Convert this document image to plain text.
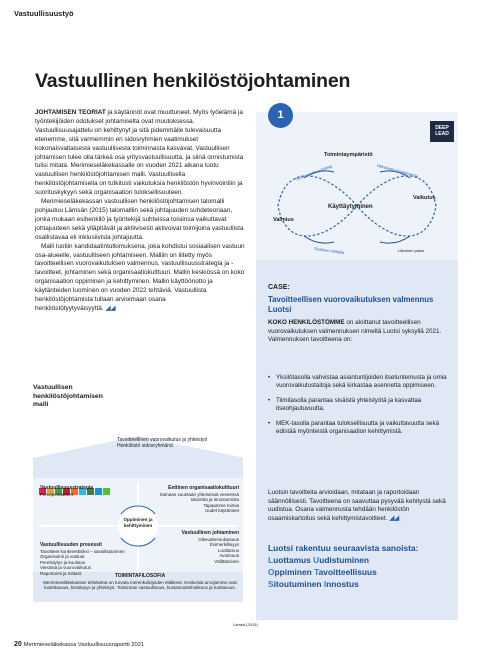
Vastuullisuustyö
Vastuullinen henkilöstöjohtaminen

JOHTAMISEN TEORIAT ja käytännöt ovat muuttuneet. Myös työelämä ja työntekijöiden odotukset johtamiselta ovat muutoksessa. Vastuullisuusajattelu on kehittynyt ja sitä pidemmälle tulevaisuutta etenemme, sitä varmemmin eri sidosryhmien vaatimukset kokonaisvaltaisesta vastuullisesta toiminnasta kasvavat. Vastuullisen johtamisen tulee olla tärkeä osa yritysvastuullisuutta, ja siinä onnistumista tulisi mitata. Merimieseläkekassalle on vuoden 2021 aikana luotu vastuullisen henkilöstöjohtamisen malli. Vastuullisella henkilöstöjohtamisella on tutkitusti vaikutuksia henkilöstön hyvinvointiin ja suorituskykyyn sekä organisaation tuloksellisuuteen.

Merimieseläkekassan vastuullisen henkilöstöjohtamisen talomalli pohjautuu Lämsän (2015) talomalliin sekä johtajuuden suhdeteoriaan, jonka mukaan esihenkilö ja työntekijä suhteissa toisiinsa vaikuttavat johtajuuteen sekä ylläpitävät ja aktiivisesti aktivoivat toimijoina vastuullista osallistavaa eli inklusiivista johtajuutta.

Malli luotiin kandidaatintutkimuksena, joka kohdistui sosiaalisen vastuun osa-alueelle, vastuulliseen johtamiseen. Malliin on liitetty myös tavoitteellisen vuorovaikutuksen valmennus, vastuullisuusstrategia ja -tavoitteet, johtaminen sekä organisaatiokulttuuri. Mallin keskiössä on koko organisaation oppiminen ja kehittyminen. Mallin käyttöönotto ja käytänteiden luominen on vuoden 2022 tehtäviä. Vastuullista henkilöstöjohtamista tullaan arvioimaan osana henkilöstötyytyväisyyttä. ◢◢

Vastuullisen henkilöstöjohtamisen malli
Tavoitteellinen vuorovaikutus ja yhteistyö
Henkilöstö sidosryhmänä
Vastuullisuusstrategia
Perusperiaatteet
Eettinen organisaatiokulttuuri
Samaan suuntaan yhteisessä veneessä
Ideointia ja innostumista
Tapaamme toimia
Uudet käytänteet
Oppiminen ja kehittyminen
Vastuullisuuden prosessit
Tavoitteet konkreettisiksi – sanallistaminen
Organisointi ja vastuut
Perehdytys ja koulutus
Viestintä ja vuorovaikutus
Raportointi ja mittarit
Vastuullinen johtaminen
Oikeudenmukaisuus
Esimerkillisyys
Luottamus
Avoimuus
Välittäminen
TOIMINTAFILOSOFIA
Merimieseläkekassan tehtävänä on turvata merenkulkijoiden eläkkeet. Keskeisiä arvojamme ovat luotettavuus, kestävyys ja yhteistyö. Toiminnan vastuullisuus, kustannustehokkuus ja tuottavuus.
Lämsä (2015)
DEEP LEAD
Toimintaympäristö
Käyttäytyminen
Valmius
Vaikutus
Hyvinvoinnin pohdinta	Vaikutusta muutoksessa
Sisäinen tahtotila	Ulkoinen paine
1
CASE:
Tavoitteellisen vuorovaikutuksen valmennus Luotsi
KOKO HENKILÖSTÖMME on aloittanut tavoitteellisen vuorovaikutuksen valmennuksen nimeltä Luotsi syksyllä 2021. Valmennuksen tavoitteena on:
• Yksilötasolla vahvistaa asiantuntijoiden itsetuntemusta ja omia vuorovaikutustaitoja sekä kirkastaa asennetta oppimiseen.
• Tiimitasolla parantaa sisäistä yhteistyötä ja kasvattaa itseohjautuvuutta.
• MEK-tasolla parantaa tuloksellisuutta ja vaikuttavuutta sekä edistää myönteistä organisaation kehittymistä.
Luotsin tavoitteita arvioidaan, mitataan ja raportoidaan säännöllisesti. Tavoitteena on saavuttaa pysyvää kehitystä sekä uudistua. Osana valmennusta tehdään henkilöstön osaamiskartoitus sekä kehittymistavoitteet. ◢◢
Luotsi rakentuu seuraavista sanoista:
Luottamus Uudistuminen
Oppiminen Tavoitteellisuus
Sitoutuminen Innostus
20 Merimieseläkekassa Vastuullisuusraportti 2021
